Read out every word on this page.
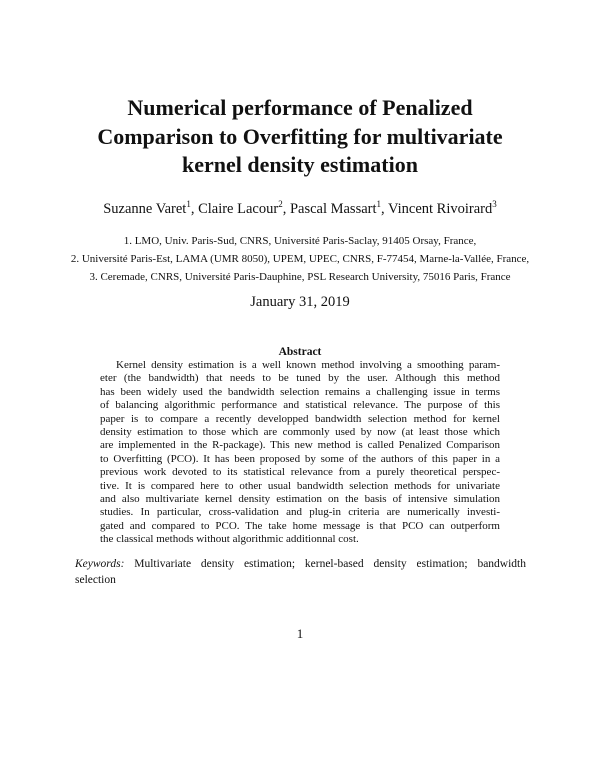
Numerical performance of Penalized
Comparison to Overfitting for multivariate
kernel density estimation
Suzanne Varet$^1$, Claire Lacour$^2$, Pascal Massart$^1$, Vincent Rivoirard$^3$
1. LMO, Univ. Paris-Sud, CNRS, Université Paris-Saclay, 91405 Orsay, France,
2. Université Paris-Est, LAMA (UMR 8050), UPEM, UPEC, CNRS, F-77454, Marne-la-Vallée, France,
3. Ceremade, CNRS, Université Paris-Dauphine, PSL Research University, 75016 Paris, France
January 31, 2019
Abstract
Kernel density estimation is a well known method involving a smoothing param-
eter (the bandwidth) that needs to be tuned by the user. Although this method
has been widely used the bandwidth selection remains a challenging issue in terms
of balancing algorithmic performance and statistical relevance. The purpose of this
paper is to compare a recently developped bandwidth selection method for kernel
density estimation to those which are commonly used by now (at least those which
are implemented in the R-package). This new method is called Penalized Comparison
to Overfitting (PCO). It has been proposed by some of the authors of this paper in a
previous work devoted to its statistical relevance from a purely theoretical perspec-
tive. It is compared here to other usual bandwidth selection methods for univariate
and also multivariate kernel density estimation on the basis of intensive simulation
studies. In particular, cross-validation and plug-in criteria are numerically investi-
gated and compared to PCO. The take home message is that PCO can outperform
the classical methods without algorithmic additionnal cost.
Keywords: Multivariate density estimation; kernel-based density estimation; bandwidth
selection
1
